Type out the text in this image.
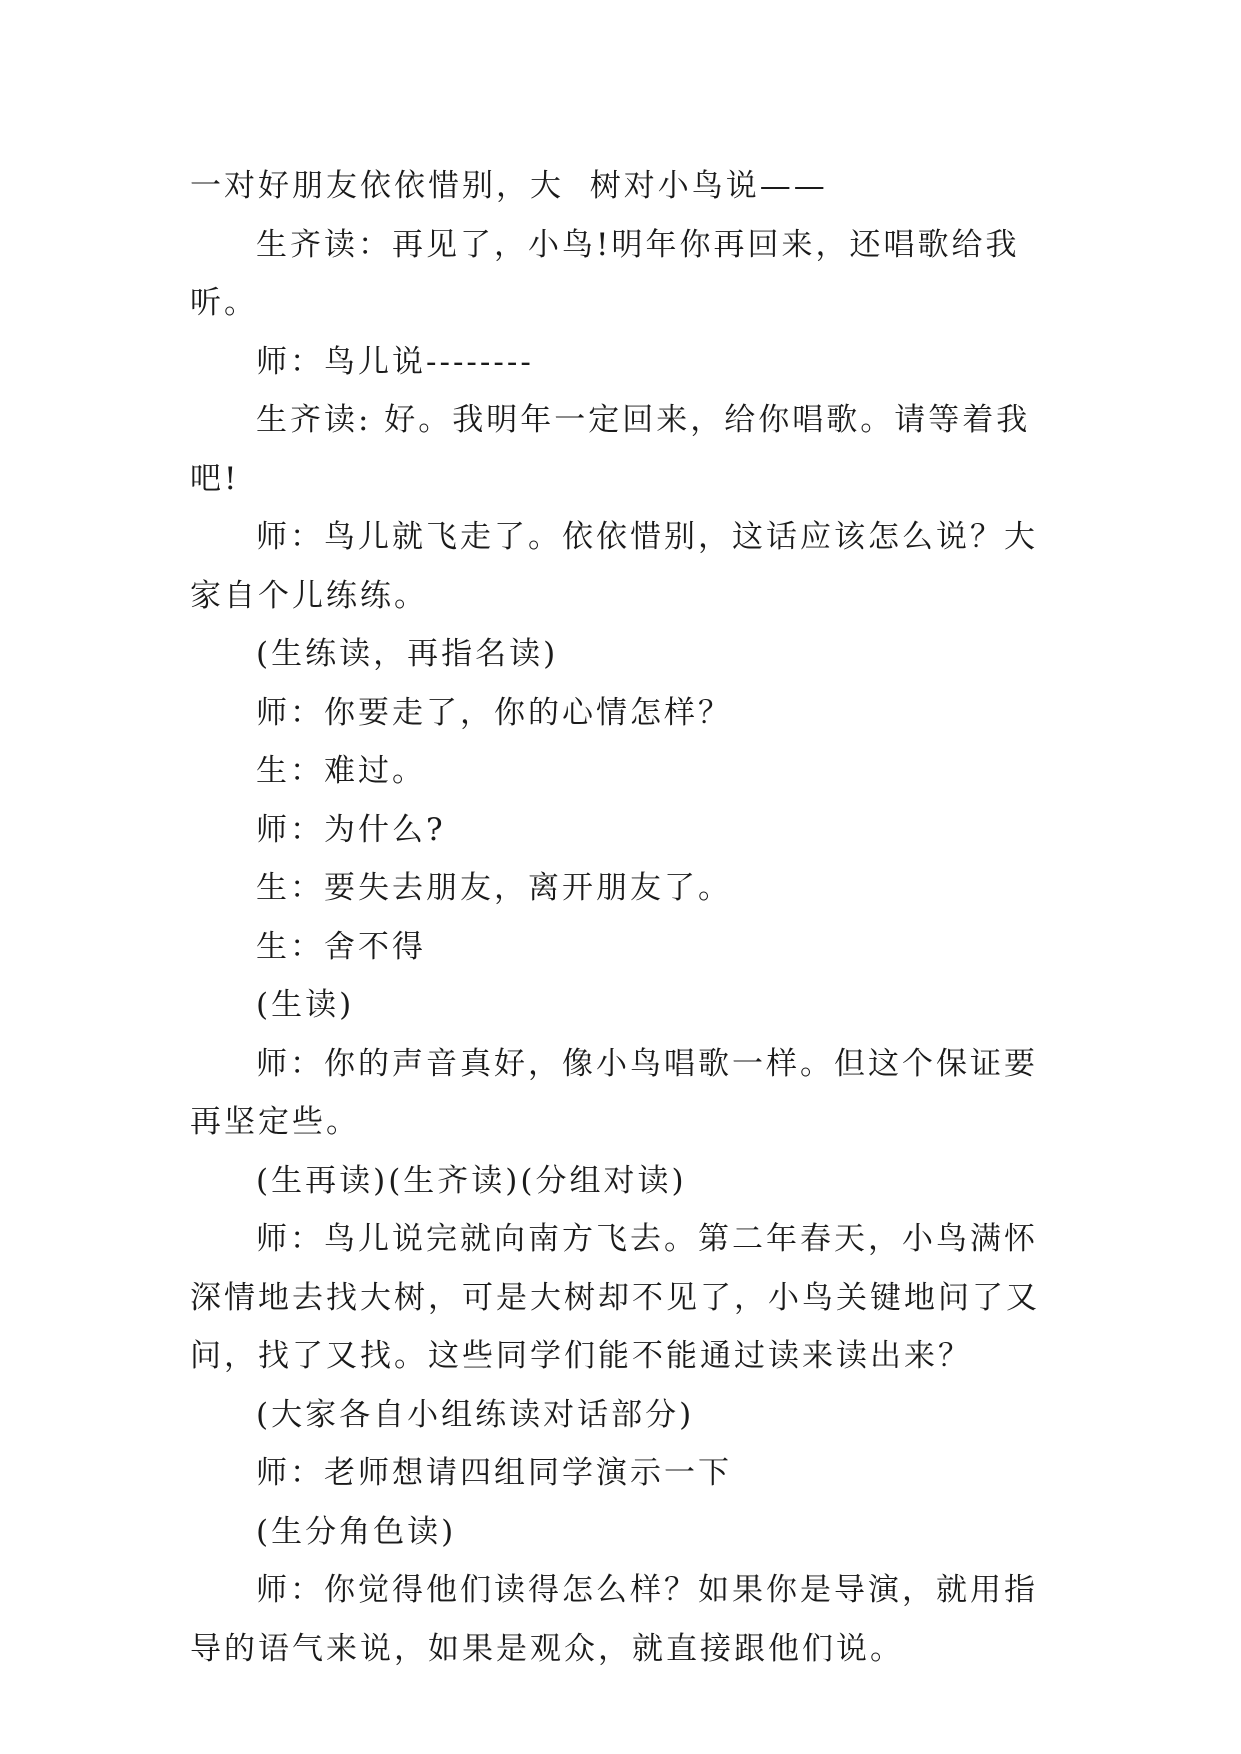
一对好朋友依依惜别，大  树对小鸟说——

生齐读：再见了，小鸟!明年你再回来，还唱歌给我听。

师：鸟儿说--------

生齐读: 好。我明年一定回来，给你唱歌。请等着我吧!

师：鸟儿就飞走了。依依惜别，这话应该怎么说？大家自个儿练练。

(生练读，再指名读)

师：你要走了，你的心情怎样？

生：难过。

师：为什么?

生：要失去朋友，离开朋友了。

生：舍不得

(生读)

师：你的声音真好，像小鸟唱歌一样。但这个保证要再坚定些。

(生再读)(生齐读)(分组对读)

师：鸟儿说完就向南方飞去。第二年春天，小鸟满怀深情地去找大树，可是大树却不见了，小鸟关键地问了又问，找了又找。这些同学们能不能通过读来读出来？

(大家各自小组练读对话部分)

师：老师想请四组同学演示一下

(生分角色读)

师：你觉得他们读得怎么样？如果你是导演，就用指导的语气来说，如果是观众，就直接跟他们说。
